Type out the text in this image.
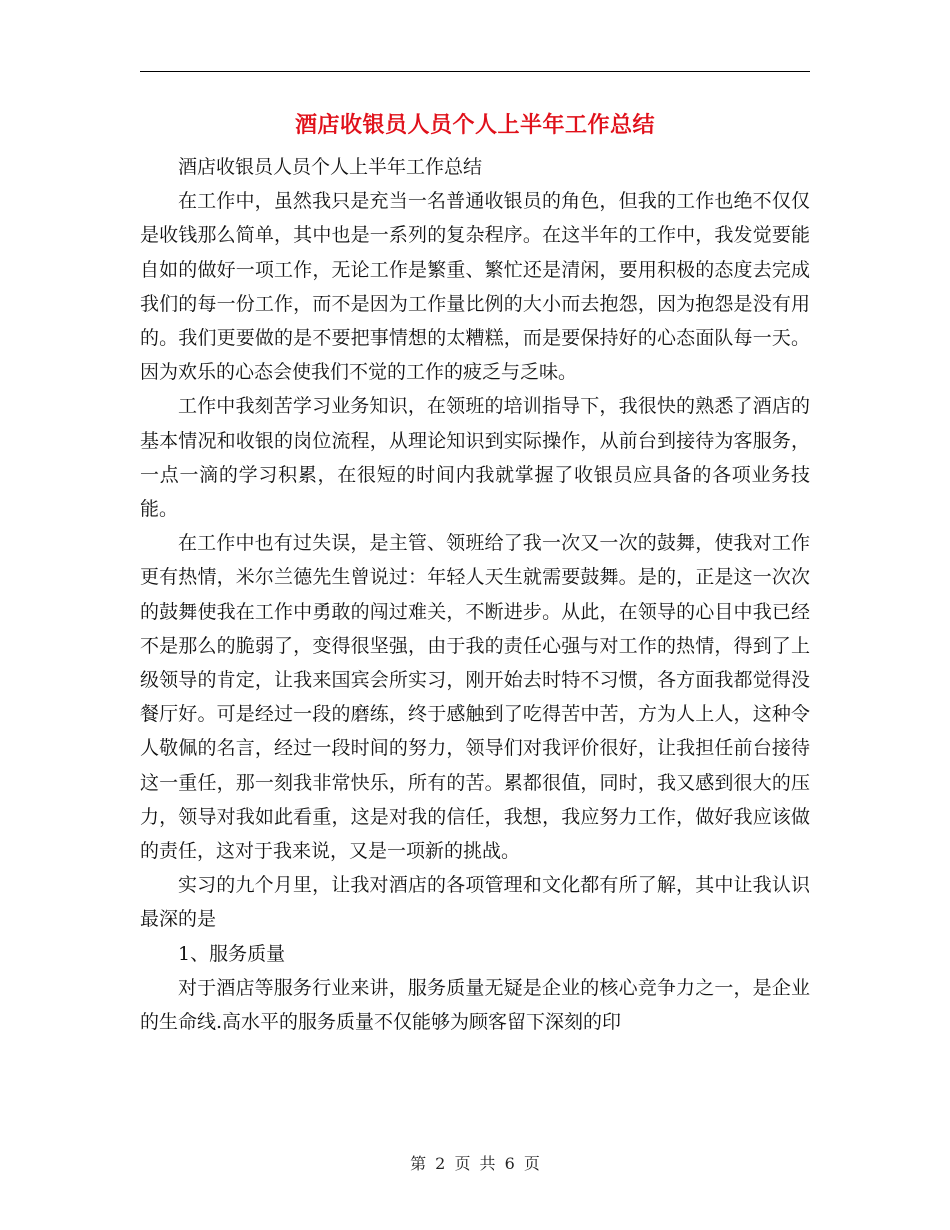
酒店收银员人员个人上半年工作总结

酒店收银员人员个人上半年工作总结

在工作中，虽然我只是充当一名普通收银员的角色，但我的工作也绝不仅仅是收钱那么简单，其中也是一系列的复杂程序。在这半年的工作中，我发觉要能自如的做好一项工作，无论工作是繁重、繁忙还是清闲，要用积极的态度去完成我们的每一份工作，而不是因为工作量比例的大小而去抱怨，因为抱怨是没有用的。我们更要做的是不要把事情想的太糟糕，而是要保持好的心态面队每一天。因为欢乐的心态会使我们不觉的工作的疲乏与乏味。

工作中我刻苦学习业务知识，在领班的培训指导下，我很快的熟悉了酒店的基本情况和收银的岗位流程，从理论知识到实际操作，从前台到接待为客服务，一点一滴的学习积累，在很短的时间内我就掌握了收银员应具备的各项业务技能。

在工作中也有过失误，是主管、领班给了我一次又一次的鼓舞，使我对工作更有热情，米尔兰德先生曾说过：年轻人天生就需要鼓舞。是的，正是这一次次的鼓舞使我在工作中勇敢的闯过难关，不断进步。从此，在领导的心目中我已经不是那么的脆弱了，变得很坚强，由于我的责任心强与对工作的热情，得到了上级领导的肯定，让我来国宾会所实习，刚开始去时特不习惯，各方面我都觉得没餐厅好。可是经过一段的磨练，终于感触到了吃得苦中苦，方为人上人，这种令人敬佩的名言，经过一段时间的努力，领导们对我评价很好，让我担任前台接待这一重任，那一刻我非常快乐，所有的苦。累都很值，同时，我又感到很大的压力，领导对我如此看重，这是对我的信任，我想，我应努力工作，做好我应该做的责任，这对于我来说，又是一项新的挑战。

实习的九个月里，让我对酒店的各项管理和文化都有所了解，其中让我认识最深的是

1、服务质量

对于酒店等服务行业来讲，服务质量无疑是企业的核心竞争力之一，是企业的生命线.高水平的服务质量不仅能够为顾客留下深刻的印

第 2 页 共 6 页
